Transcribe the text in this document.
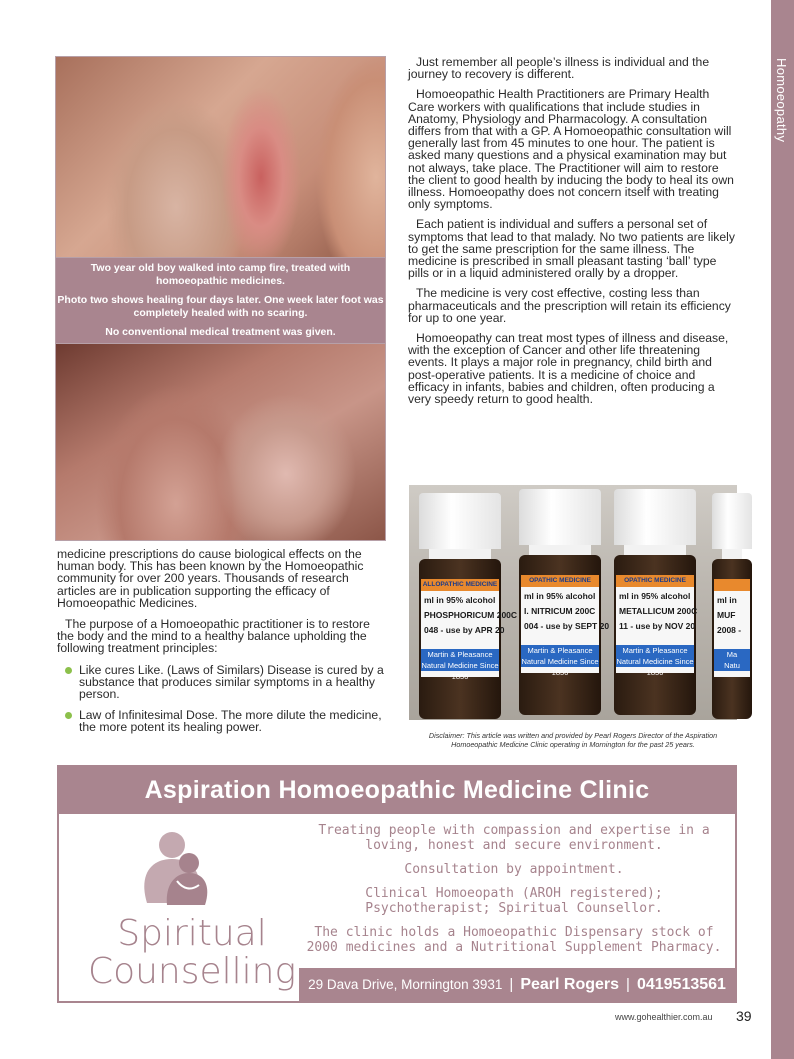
Homoeopathy

Two year old boy walked into camp fire, treated with homoeopathic medicines.

Photo two shows healing four days later. One week later foot was completely healed with no scaring.

No conventional medical treatment was given.

Just remember all people’s illness is individual and the journey to recovery is different.

Homoeopathic Health Practitioners are Primary Health Care workers with qualifications that include studies in Anatomy, Physiology and Pharmacology. A consultation differs from that with a GP. A Homoeopathic consultation will generally last from 45 minutes to one hour. The patient is asked many questions and a physical examination may but not always, take place. The Practitioner will aim to restore the client to good health by inducing the body to heal its own illness. Homoeopathy does not concern itself with treating only symptoms.

Each patient is individual and suffers a personal set of symptoms that lead to that malady. No two patients are likely to get the same prescription for the same illness. The medicine is prescribed in small pleasant tasting ‘ball’ type pills or in a liquid administered orally by a dropper.

The medicine is very cost effective, costing less than pharmaceuticals and the prescription will retain its efficiency for up to one year.

Homoeopathy can treat most types of illness and disease, with the exception of Cancer and other life threatening events. It plays a major role in pregnancy, child birth and post-operative patients. It is a medicine of choice and efficacy in infants, babies and children, often producing a very speedy return to good health.

medicine prescriptions do cause biological effects on the human body. This has been known by the Homoeopathic community for over 200 years. Thousands of research articles are in publication supporting the efficacy of Homoeopathic Medicines.

The purpose of a Homoeopathic practitioner is to restore the body and the mind to a healthy balance upholding the following treatment principles:

Like cures Like. (Laws of Similars) Disease is cured by a substance that produces similar symptoms in a healthy person.
Law of Infinitesimal Dose. The more dilute the medicine, the more potent its healing power.
ALLOPATHIC MEDICINE
ml in 95% alcohol
PHOSPHORICUM 200C
048 - use by APR 20
Martin & Pleasance
Natural Medicine Since 1856
OPATHIC MEDICINE
ml in 95% alcohol
I. NITRICUM 200C
004 - use by SEPT 20
Martin & Pleasance
Natural Medicine Since 1856
OPATHIC MEDICINE
ml in 95% alcohol
METALLICUM 200C
11 - use by NOV 20
Martin & Pleasance
Natural Medicine Since 1856
ml in
MUF
2008 -
Ma
Natu
Disclaimer: This article was written and provided by Pearl Rogers Director of the Aspiration Homoeopathic Medicine Clinic operating in Mornington for the past 25 years.
Aspiration Homoeopathic Medicine Clinic
Spiritual
Counselling

Treating people with compassion and expertise in a loving, honest and secure environment.

Consultation by appointment.

Clinical Homoeopath (AROH registered); Psychotherapist; Spiritual Counsellor.

The clinic holds a Homoeopathic Dispensary stock of 2000 medicines and a Nutritional Supplement Pharmacy.

29 Dava Drive, Mornington 3931 | Pearl Rogers | 0419513561
www.gohealthier.com.au 39
